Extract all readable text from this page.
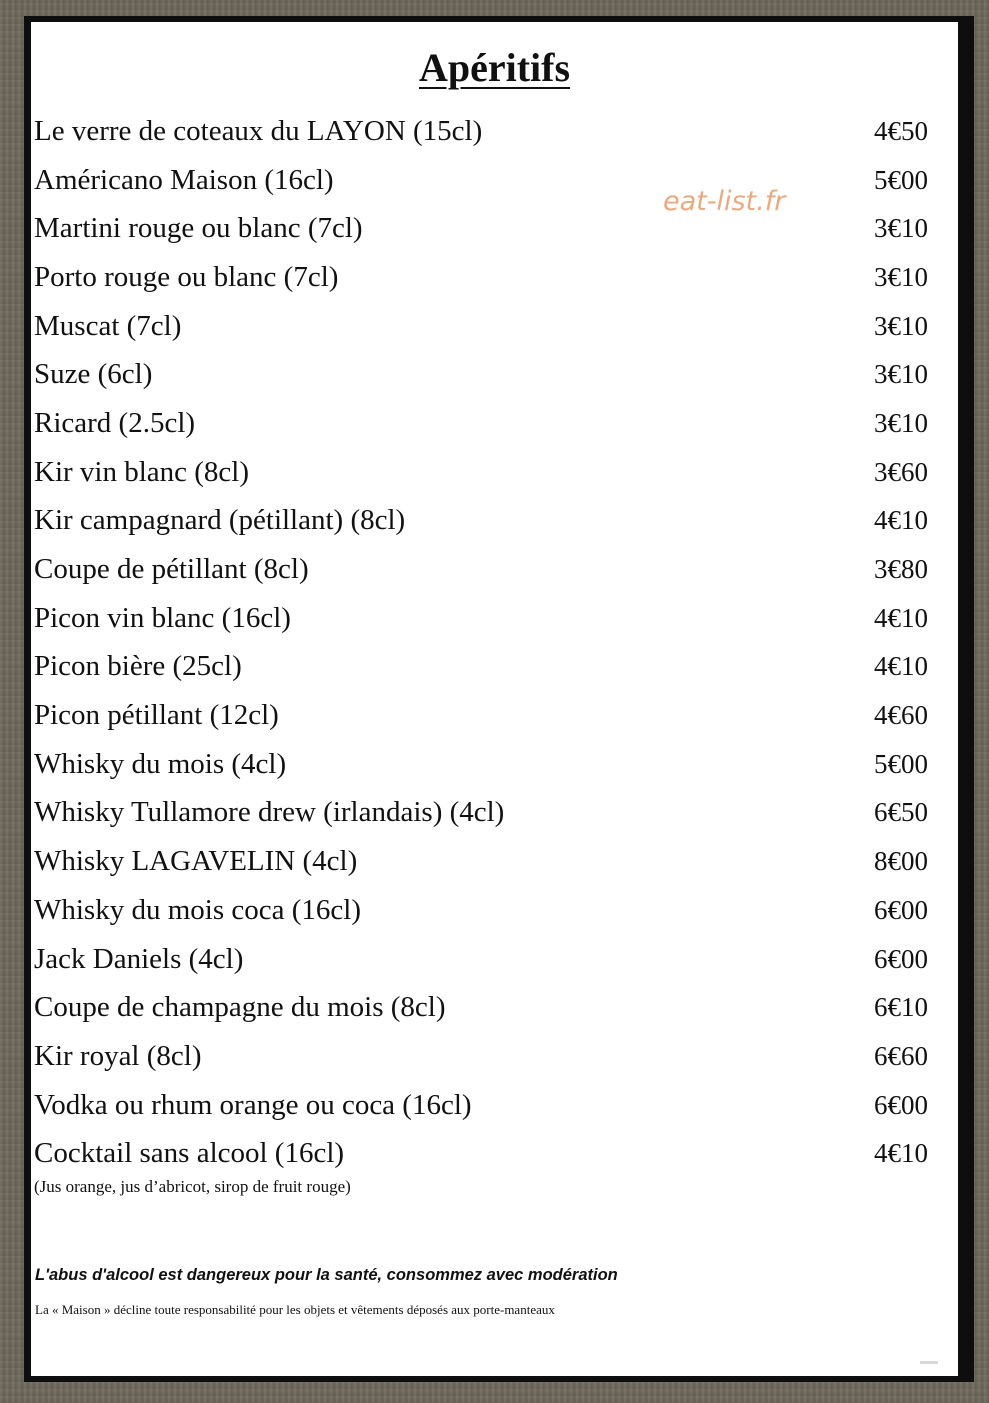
Apéritifs
Le verre de coteaux du LAYON (15cl)	4€50
Américano Maison (16cl)	5€00
Martini rouge ou blanc (7cl)	3€10
Porto rouge ou blanc (7cl)	3€10
Muscat (7cl)	3€10
Suze (6cl)	3€10
Ricard (2.5cl)	3€10
Kir vin blanc (8cl)	3€60
Kir campagnard (pétillant) (8cl)	4€10
Coupe de pétillant (8cl)	3€80
Picon vin blanc (16cl)	4€10
Picon bière (25cl)	4€10
Picon pétillant (12cl)	4€60
Whisky du mois (4cl)	5€00
Whisky Tullamore drew (irlandais) (4cl)	6€50
Whisky LAGAVELIN (4cl)	8€00
Whisky du mois coca (16cl)	6€00
Jack Daniels (4cl)	6€00
Coupe de champagne du mois (8cl)	6€10
Kir royal (8cl)	6€60
Vodka ou rhum orange ou coca (16cl)	6€00
Cocktail sans alcool (16cl)	4€10

(Jus orange, jus d’abricot, sirop de fruit rouge)

L'abus d'alcool est dangereux pour la santé, consommez avec modération

La « Maison » décline toute responsabilité pour les objets et vêtements déposés aux porte-manteaux

eat-list.fr
